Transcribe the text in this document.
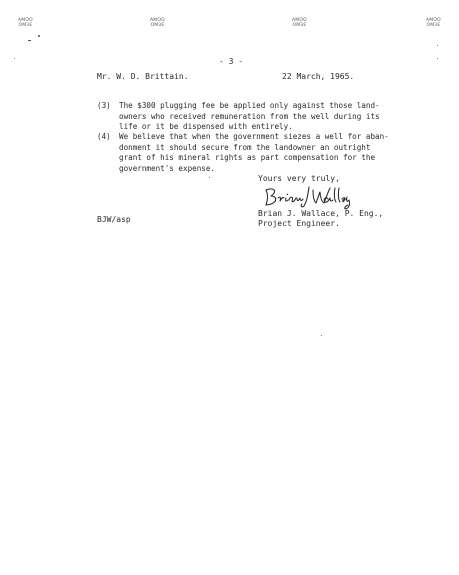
AMOO
OM3E
AMOO
OM3E
AMOO
OM3E
AMOO
OM3E
- 3 -
Mr. W. D. Brittain.	22 March, 1965.
(3) The $300 plugging fee be applied only against those land-
owners who received remuneration from the well during its
life or it be dispensed with entirely.
(4) We believe that when the government siezes a well for aban-
donment it should secure from the landowner an outright
grant of his mineral rights as part compensation for the
government's expense.
Yours very truly,
Brian J. Wallace, P. Eng.,
Project Engineer.
BJW/asp
